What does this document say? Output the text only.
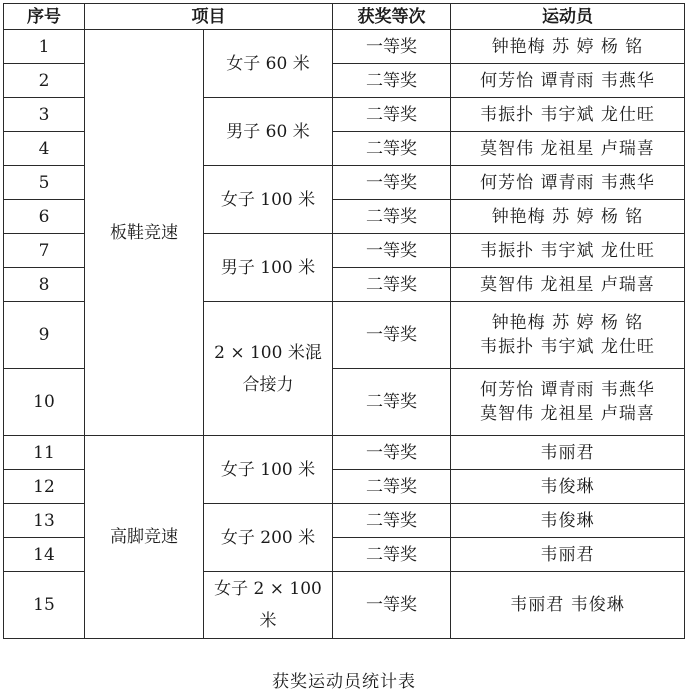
序号	项目		获奖等次	运动员
1	板鞋竞速	女子 60 米	一等奖	钟艳梅 苏 婷 杨 铭

2			二等奖	何芳怡 谭青雨 韦燕华

3		男子 60 米	二等奖	韦振扑 韦宇斌 龙仕旺

4			二等奖	莫智伟 龙祖星 卢瑞喜

5		女子 100 米	一等奖	何芳怡 谭青雨 韦燕华

6			二等奖	钟艳梅 苏 婷 杨 铭

7		男子 100 米	一等奖	韦振扑 韦宇斌 龙仕旺

8			二等奖	莫智伟 龙祖星 卢瑞喜

9		2 × 100 米混合接力	一等奖	钟艳梅 苏 婷 杨 铭
韦振扑 韦宇斌 龙仕旺

10			二等奖	何芳怡 谭青雨 韦燕华
莫智伟 龙祖星 卢瑞喜

11	高脚竞速	女子 100 米	一等奖	韦丽君

12			二等奖	韦俊琳

13		女子 200 米	二等奖	韦俊琳

14			二等奖	韦丽君

15		女子 2 × 100 米	一等奖	韦丽君 韦俊琳
获奖运动员统计表
